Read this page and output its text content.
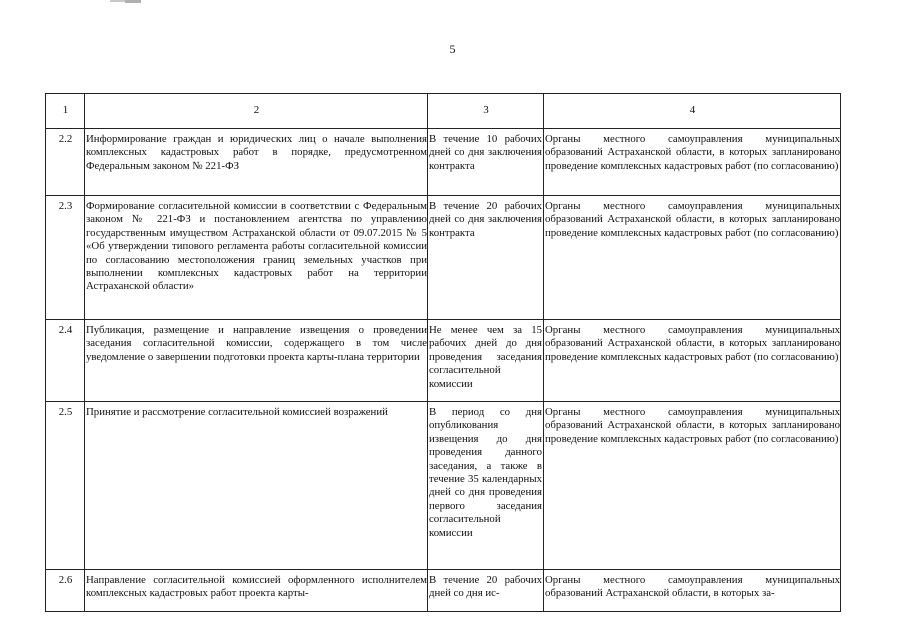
5
1	2	3	4
2.2	Информирование граждан и юридических лиц о начале выполнения комплексных кадастровых работ в порядке, предусмотренном Федеральным законом № 221-ФЗ	В течение 10 рабочих дней со дня заключения контракта	Органы местного самоуправления муниципальных образований Астраханской области, в которых запланировано проведение комплексных кадастровых работ (по согласованию)
2.3	Формирование согласительной комиссии в соответствии с Федеральным законом № 221-ФЗ и постановлением агентства по управлению государственным имуществом Астраханской области от 09.07.2015 № 5 «Об утверждении типового регламента работы согласительной комиссии по согласованию местоположения границ земельных участков при выполнении комплексных кадастровых работ на территории Астраханской области»	В течение 20 рабочих дней со дня заключения контракта	Органы местного самоуправления муниципальных образований Астраханской области, в которых запланировано проведение комплексных кадастровых работ (по согласованию)
2.4	Публикация, размещение и направление извещения о проведении заседания согласительной комиссии, содержащего в том числе уведомление о завершении подготовки проекта карты-плана территории	Не менее чем за 15 рабочих дней до дня проведения заседания согласительной комиссии	Органы местного самоуправления муниципальных образований Астраханской области, в которых запланировано проведение комплексных кадастровых работ (по согласованию)
2.5	Принятие и рассмотрение согласительной комиссией возражений	В период со дня опубликования извещения до дня проведения данного заседания, а также в течение 35 календарных дней со дня проведения первого заседания согласительной комиссии	Органы местного самоуправления муниципальных образований Астраханской области, в которых запланировано проведение комплексных кадастровых работ (по согласованию)
2.6	Направление согласительной комиссией оформленного исполнителем комплексных кадастровых работ проекта карты-	В течение 20 рабочих дней со дня ис-	Органы местного самоуправления муниципальных образований Астраханской области, в которых за-
